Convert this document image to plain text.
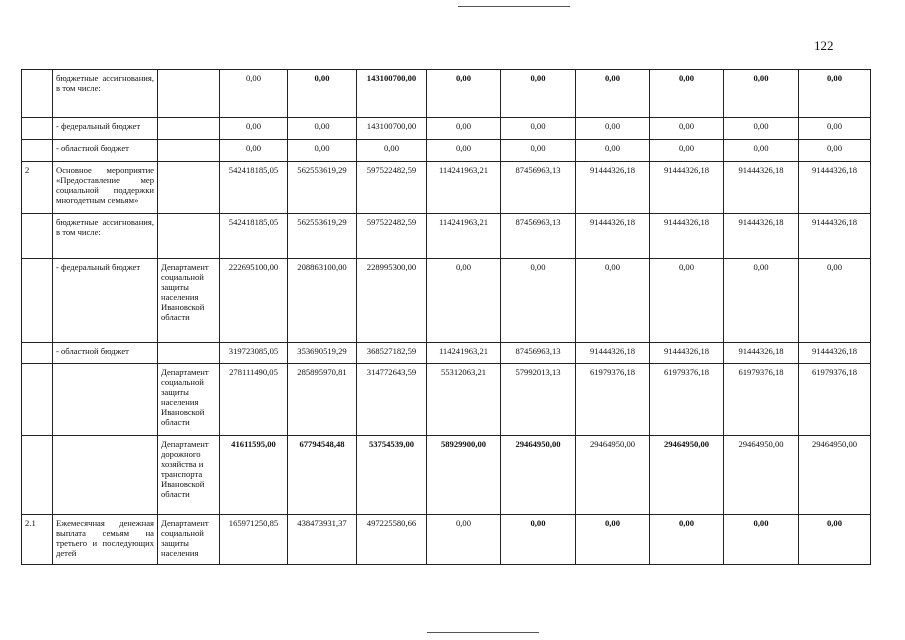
122
	бюджетные ассигнования, в том числе:		0,00	0,00	143100700,00	0,00	0,00	0,00	0,00	0,00	0,00
	- федеральный бюджет		0,00	0,00	143100700,00	0,00	0,00	0,00	0,00	0,00	0,00
	- областной бюджет		0,00	0,00	0,00	0,00	0,00	0,00	0,00	0,00	0,00
2	Основное мероприятие «Предоставление мер социальной поддержки многодетным семьям»		542418185,05	562553619,29	597522482,59	114241963,21	87456963,13	91444326,18	91444326,18	91444326,18	91444326,18
	бюджетные ассигнования, в том числе:		542418185,05	562553619,29	597522482,59	114241963,21	87456963,13	91444326,18	91444326,18	91444326,18	91444326,18
	- федеральный бюджет	Департамент социальной защиты населения Ивановской области	222695100,00	208863100,00	228995300,00	0,00	0,00	0,00	0,00	0,00	0,00
	- областной бюджет		319723085,05	353690519,29	368527182,59	114241963,21	87456963,13	91444326,18	91444326,18	91444326,18	91444326,18
		Департамент социальной защиты населения Ивановской области	278111490,05	285895970,81	314772643,59	55312063,21	57992013,13	61979376,18	61979376,18	61979376,18	61979376,18
		Департамент дорожного хозяйства и транспорта Ивановской области	41611595,00	67794548,48	53754539,00	58929900,00	29464950,00	29464950,00	29464950,00	29464950,00	29464950,00
2.1	Ежемесячная денежная выплата семьям на третьего и последующих детей	Департамент социальной защиты населения	165971250,85	438473931,37	497225580,66	0,00	0,00	0,00	0,00	0,00	0,00
